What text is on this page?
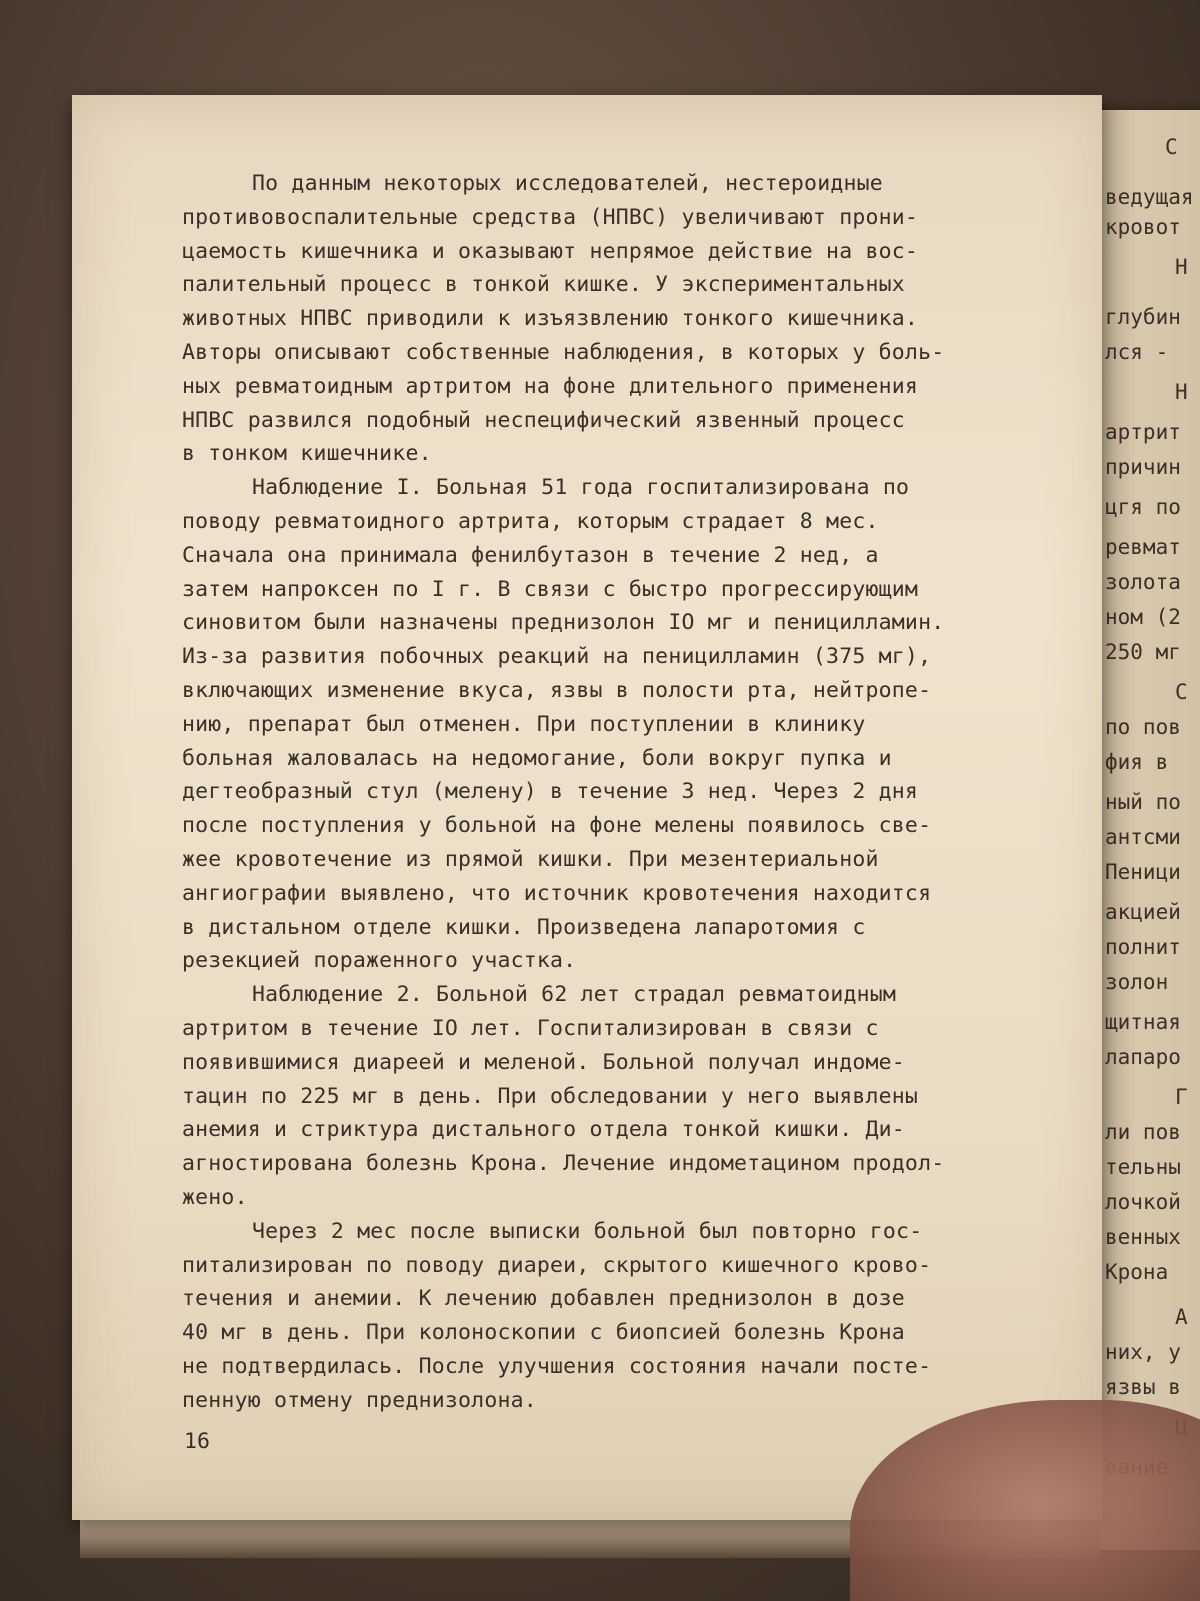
С
ведущая
кровот
Н
глубин
лся -
Н
артрит
причин
цгя по
ревмат
золота
ном (2
250 мг
С
по пов
фия в
ный по
антсми
Пеници
акцией
полнит
золон
щитная
лапаро
Г
ли пов
тельны
лочкой
венных
Крона
А
них, у
язвы в
По данным некоторых исследователей, нестероидные
противовоспалительные средства (НПВС) увеличивают прони-
цаемость кишечника и оказывают непрямое действие на вос-
палительный процесс в тонкой кишке. У экспериментальных
животных НПВС приводили к изъязвлению тонкого кишечника.
Авторы описывают собственные наблюдения, в которых у боль-
ных ревматоидным артритом на фоне длительного применения
НПВС развился подобный неспецифический язвенный процесс
в тонком кишечнике.
Наблюдение I. Больная 51 года госпитализирована по
поводу ревматоидного артрита, которым страдает 8 мес.
Сначала она принимала фенилбутазон в течение 2 нед, а
затем напроксен по I г. В связи с быстро прогрессирующим
синовитом были назначены преднизолон IO мг и пеницилламин.
Из-за развития побочных реакций на пеницилламин (375 мг),
включающих изменение вкуса, язвы в полости рта, нейтропе-
нию, препарат был отменен. При поступлении в клинику
больная жаловалась на недомогание, боли вокруг пупка и
дегтеобразный стул (мелену) в течение 3 нед. Через 2 дня
после поступления у больной на фоне мелены появилось све-
жее кровотечение из прямой кишки. При мезентериальной
ангиографии выявлено, что источник кровотечения находится
в дистальном отделе кишки. Произведена лапаротомия с
резекцией пораженного участка.
Наблюдение 2. Больной 62 лет страдал ревматоидным
артритом в течение IO лет. Госпитализирован в связи с
появившимися диареей и меленой. Больной получал индоме-
тацин по 225 мг в день. При обследовании у него выявлены
анемия и стриктура дистального отдела тонкой кишки. Ди-
агностирована болезнь Крона. Лечение индометацином продол-
жено.
Через 2 мес после выписки больной был повторно гос-
питализирован по поводу диареи, скрытого кишечного крово-
течения и анемии. К лечению добавлен преднизолон в дозе
40 мг в день. При колоноскопии с биопсией болезнь Крона
не подтвердилась. После улучшения состояния начали посте-
пенную отмену преднизолона.
16
